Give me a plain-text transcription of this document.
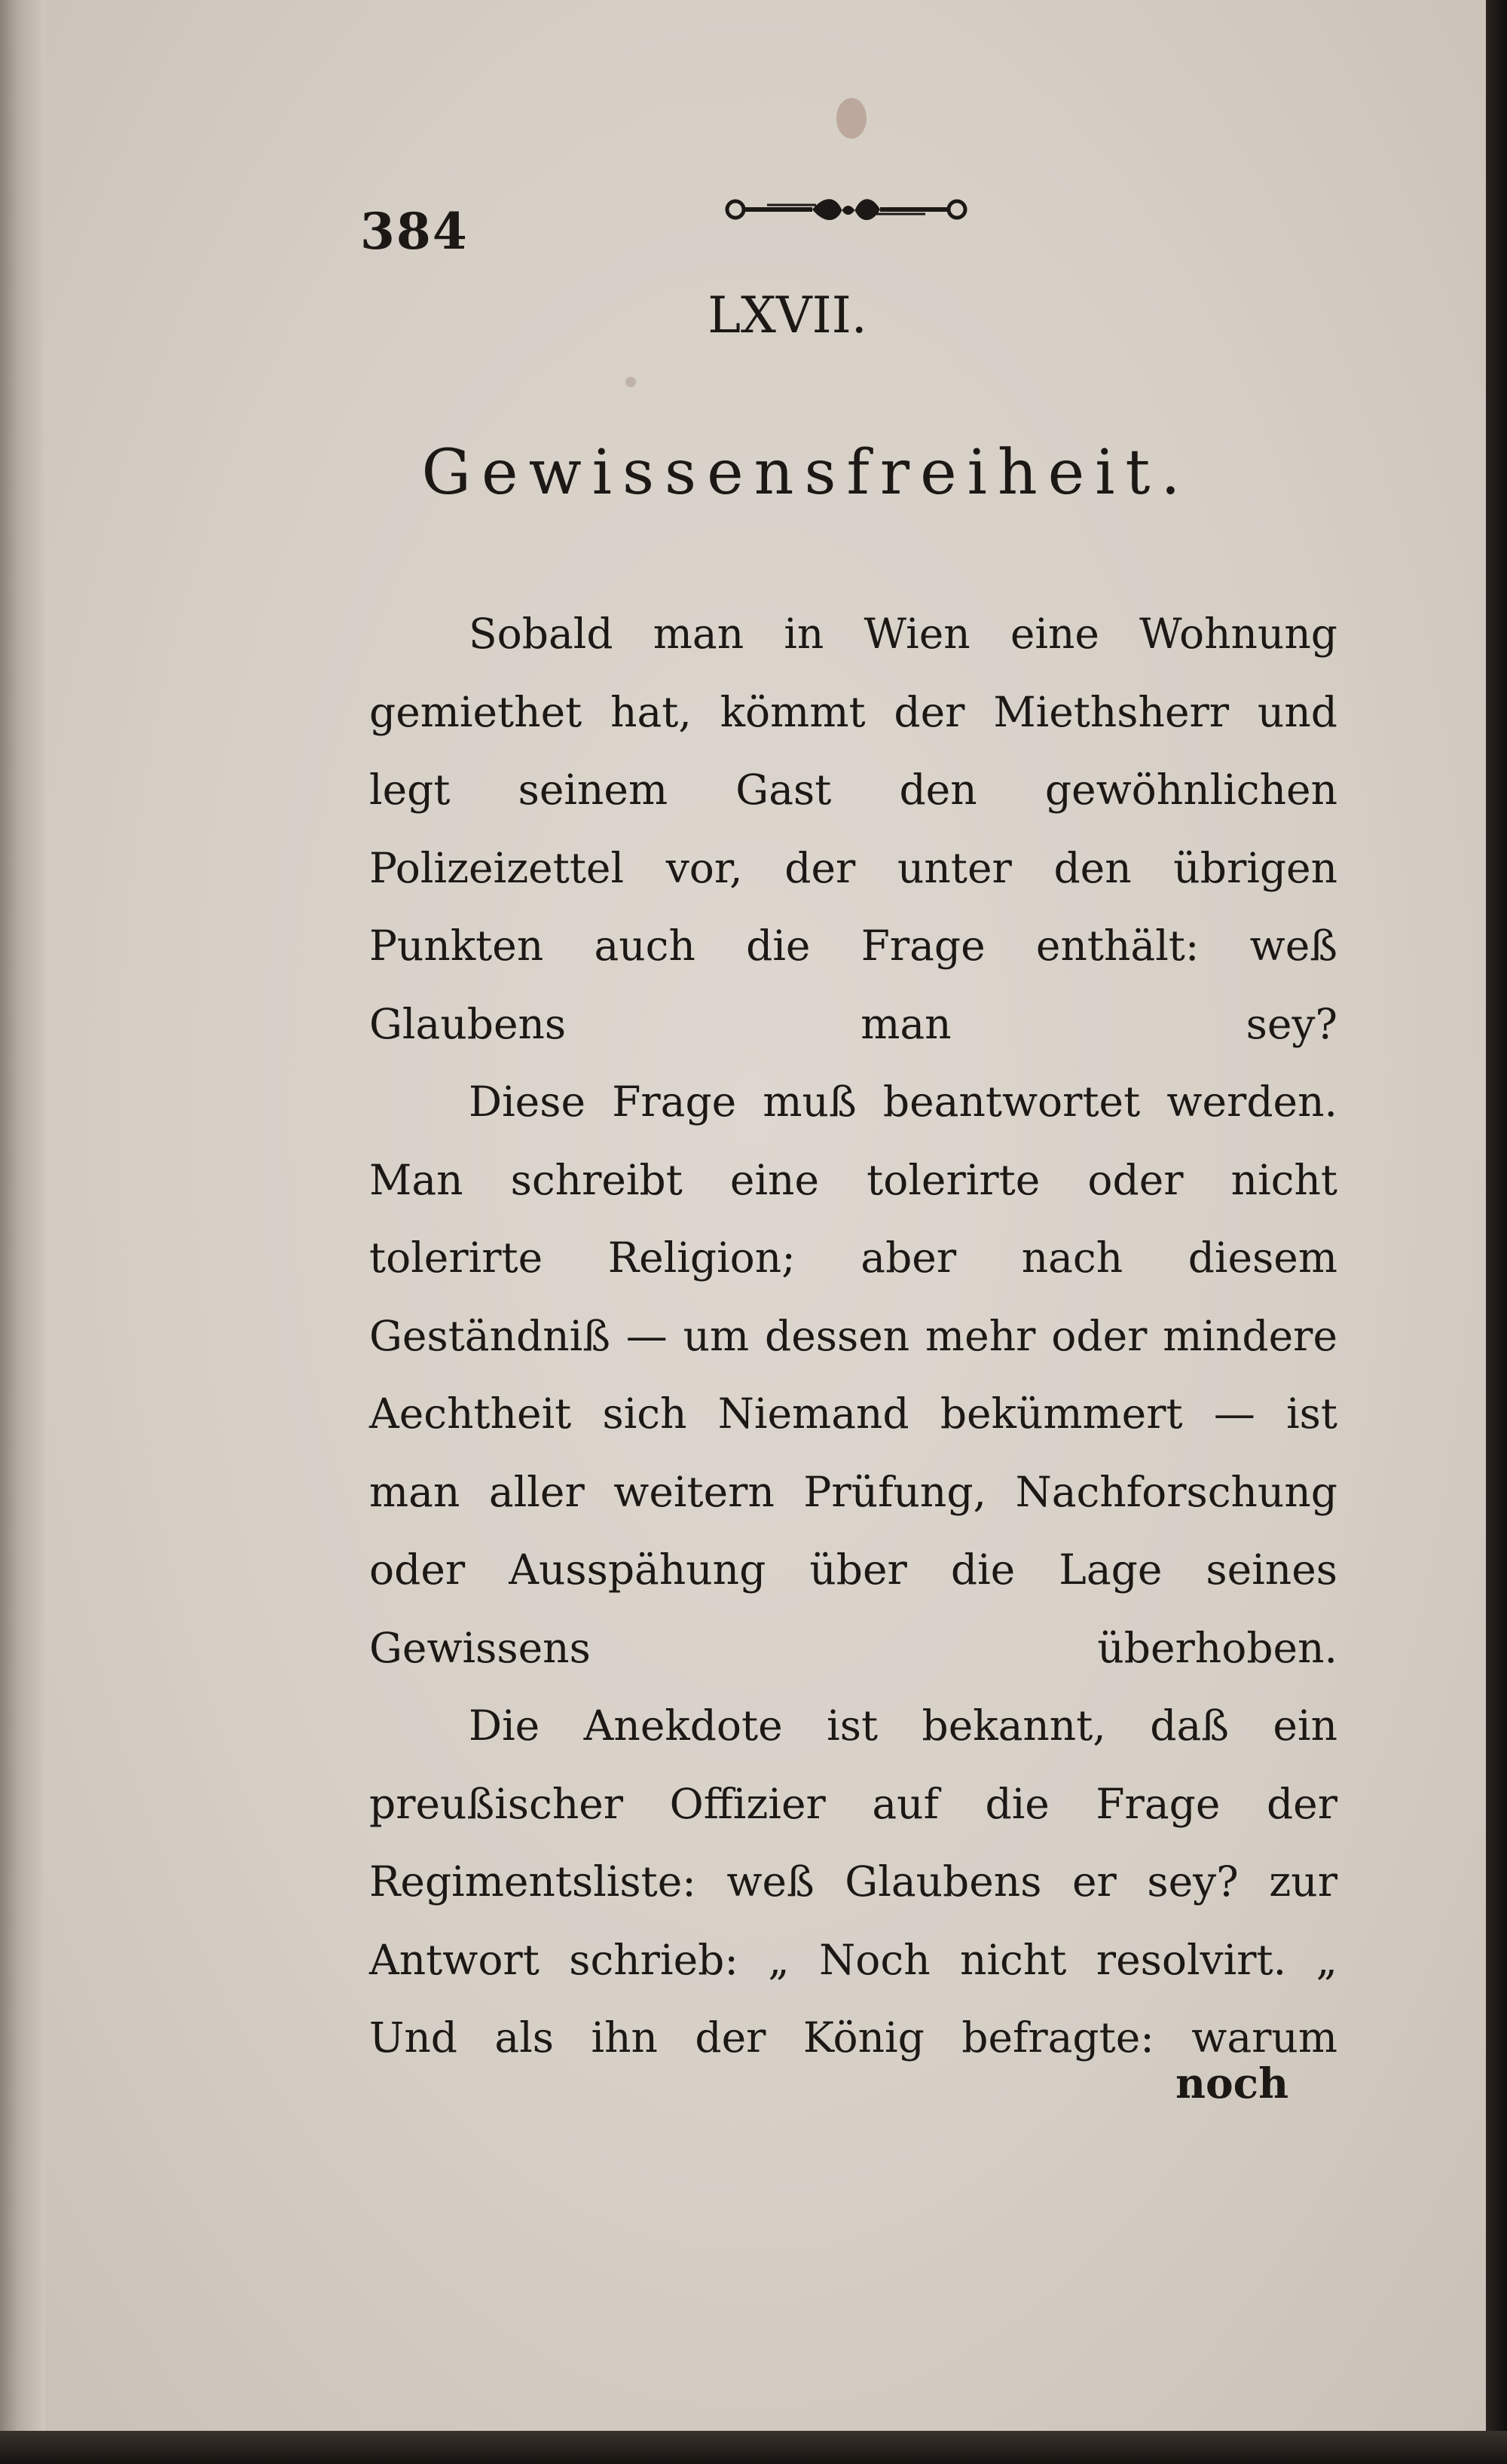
384
LXVII.
Gewissensfreiheit.

Sobald man in Wien eine Wohnung gemiethet hat, kömmt der Miethsherr und legt seinem Gast den gewöhnlichen Polizeizettel vor, der unter den übrigen Punkten auch die Frage enthält: weß Glaubens man sey?

Diese Frage muß beantwortet werden. Man schreibt eine tolerirte oder nicht tolerirte Religion; aber nach diesem Geständniß — um dessen mehr oder mindere Aechtheit sich Niemand bekümmert — ist man aller weitern Prüfung, Nachforschung oder Ausspähung über die Lage seines Gewissens überhoben.

Die Anekdote ist bekannt, daß ein preußischer Offizier auf die Frage der Regimentsliste: weß Glaubens er sey? zur Antwort schrieb: „ Noch nicht resolvirt. „ Und als ihn der König befragte: warum

noch
